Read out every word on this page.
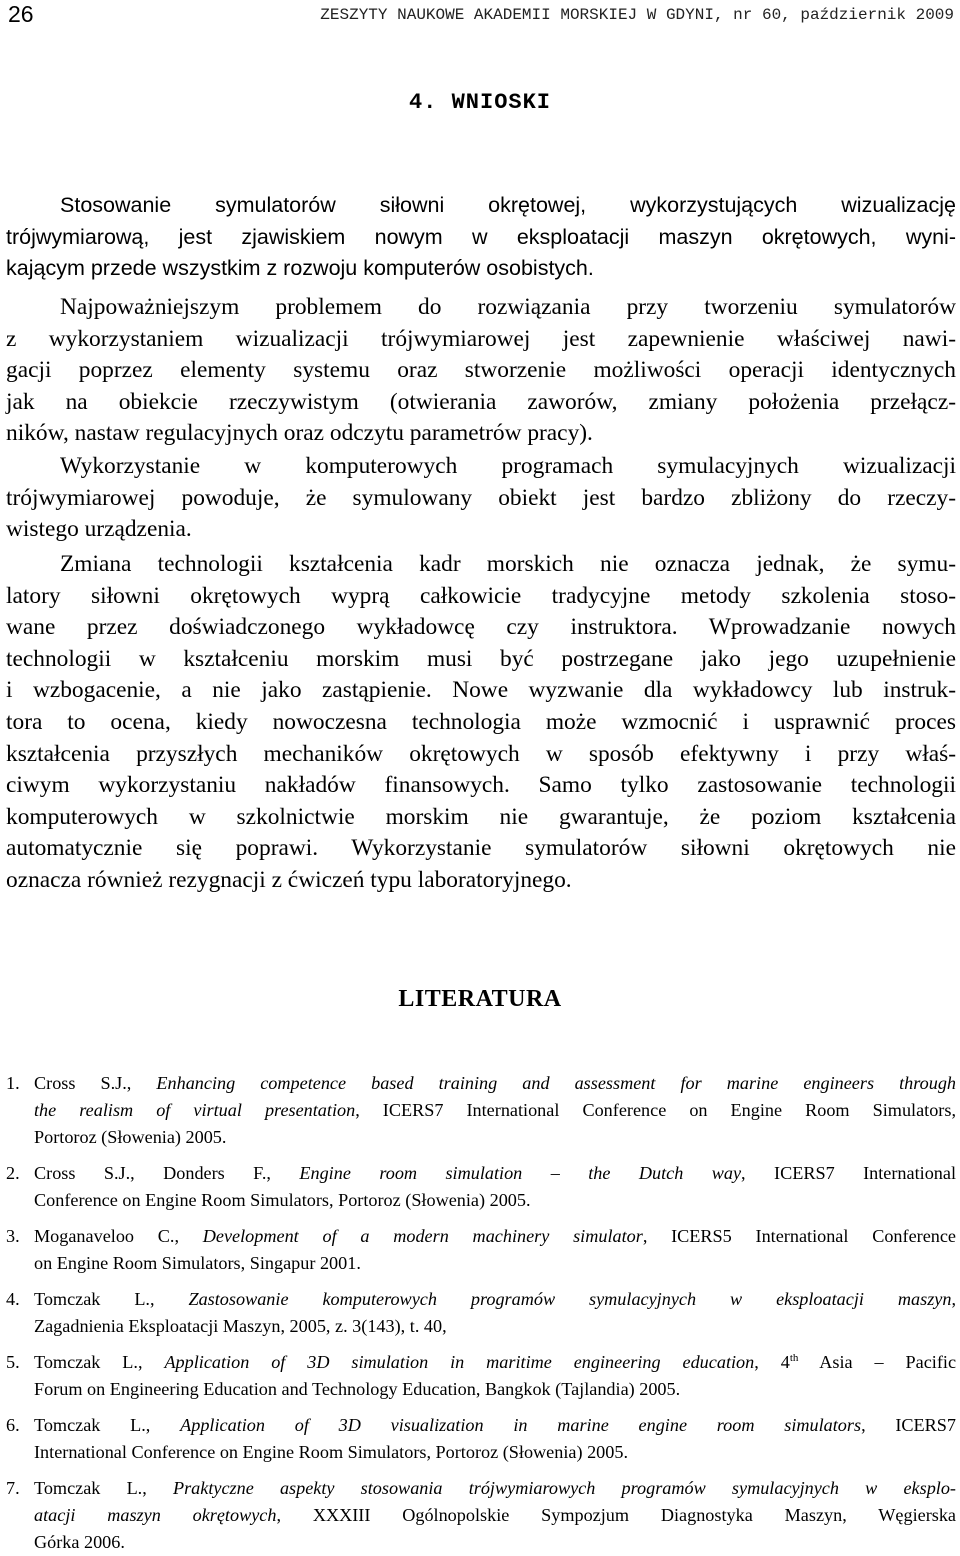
26	ZESZYTY NAUKOWE AKADEMII MORSKIEJ W GDYNI, nr 60, październik 2009
4. WNIOSKI
Stosowanie symulatorów siłowni okrętowej, wykorzystujących wizualizację
trójwymiarową, jest zjawiskiem nowym w eksploatacji maszyn okrętowych, wyni-
kającym przede wszystkim z rozwoju komputerów osobistych.
Najpoważniejszym problemem do rozwiązania przy tworzeniu symulatorów
z wykorzystaniem wizualizacji trójwymiarowej jest zapewnienie właściwej nawi-
gacji poprzez elementy systemu oraz stworzenie możliwości operacji identycznych
jak na obiekcie rzeczywistym (otwierania zaworów, zmiany położenia przełącz-
ników, nastaw regulacyjnych oraz odczytu parametrów pracy).
Wykorzystanie w komputerowych programach symulacyjnych wizualizacji
trójwymiarowej powoduje, że symulowany obiekt jest bardzo zbliżony do rzeczy-
wistego urządzenia.
Zmiana technologii kształcenia kadr morskich nie oznacza jednak, że symu-
latory siłowni okrętowych wyprą całkowicie tradycyjne metody szkolenia stoso-
wane przez doświadczonego wykładowcę czy instruktora. Wprowadzanie nowych
technologii w kształceniu morskim musi być postrzegane jako jego uzupełnienie
i wzbogacenie, a nie jako zastąpienie. Nowe wyzwanie dla wykładowcy lub instruk-
tora to ocena, kiedy nowoczesna technologia może wzmocnić i usprawnić proces
kształcenia przyszłych mechaników okrętowych w sposób efektywny i przy właś-
ciwym wykorzystaniu nakładów finansowych. Samo tylko zastosowanie technologii
komputerowych w szkolnictwie morskim nie gwarantuje, że poziom kształcenia
automatycznie się poprawi. Wykorzystanie symulatorów siłowni okrętowych nie
oznacza również rezygnacji z ćwiczeń typu laboratoryjnego.
LITERATURA
1. Cross S.J., Enhancing competence based training and assessment for marine engineers through
the realism of virtual presentation, ICERS7 International Conference on Engine Room Simulators,
Portoroz (Słowenia) 2005.
2. Cross S.J., Donders F., Engine room simulation – the Dutch way, ICERS7 International
Conference on Engine Room Simulators, Portoroz (Słowenia) 2005.
3. Moganaveloo C., Development of a modern machinery simulator, ICERS5 International Conference
on Engine Room Simulators, Singapur 2001.
4. Tomczak L., Zastosowanie komputerowych programów symulacyjnych w eksploatacji maszyn,
Zagadnienia Eksploatacji Maszyn, 2005, z. 3(143), t. 40,
5. Tomczak L., Application of 3D simulation in maritime engineering education, 4th Asia – Pacific
Forum on Engineering Education and Technology Education, Bangkok (Tajlandia) 2005.
6. Tomczak L., Application of 3D visualization in marine engine room simulators, ICERS7
International Conference on Engine Room Simulators, Portoroz (Słowenia) 2005.
7. Tomczak L., Praktyczne aspekty stosowania trójwymiarowych programów symulacyjnych w eksplo-
atacji maszyn okrętowych, XXXIII Ogólnopolskie Sympozjum Diagnostyka Maszyn, Węgierska
Górka 2006.
